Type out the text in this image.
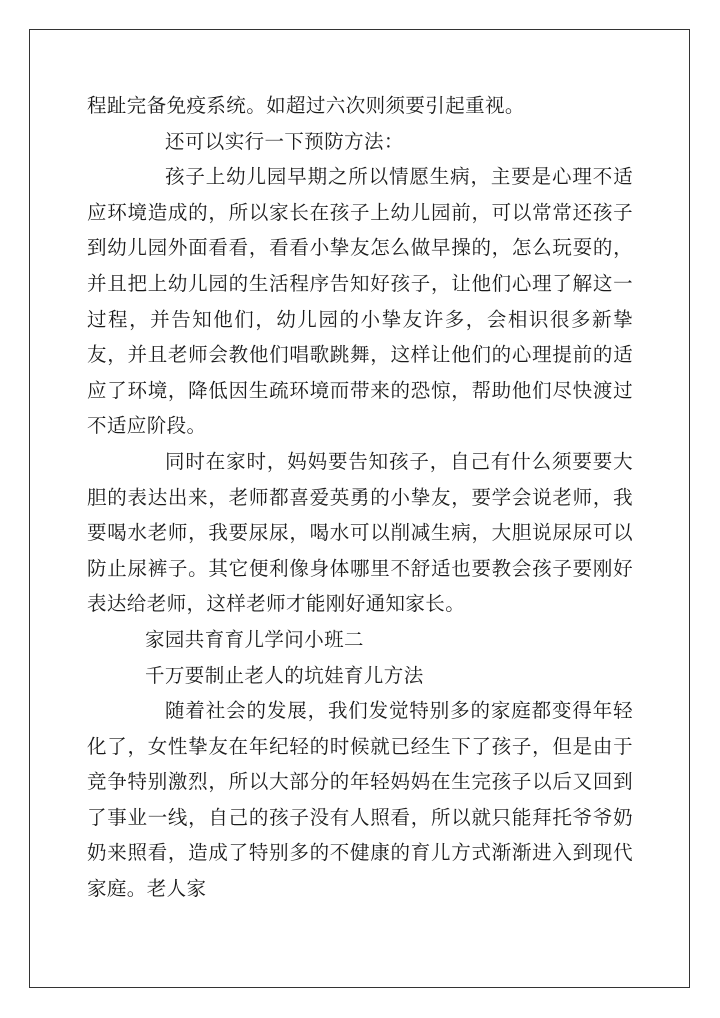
程趾完备免疫系统。如超过六次则须要引起重视。

还可以实行一下预防方法：

孩子上幼儿园早期之所以情愿生病，主要是心理不适应环境造成的，所以家长在孩子上幼儿园前，可以常常还孩子到幼儿园外面看看，看看小挚友怎么做早操的，怎么玩耍的，并且把上幼儿园的生活程序告知好孩子，让他们心理了解这一过程，并告知他们，幼儿园的小挚友许多，会相识很多新挚友，并且老师会教他们唱歌跳舞，这样让他们的心理提前的适应了环境，降低因生疏环境而带来的恐惊，帮助他们尽快渡过不适应阶段。

同时在家时，妈妈要告知孩子，自己有什么须要要大胆的表达出来，老师都喜爱英勇的小挚友，要学会说老师，我要喝水老师，我要尿尿，喝水可以削减生病，大胆说尿尿可以防止尿裤子。其它便利像身体哪里不舒适也要教会孩子要刚好表达给老师，这样老师才能刚好通知家长。

家园共育育儿学问小班二

千万要制止老人的坑娃育儿方法

随着社会的发展，我们发觉特别多的家庭都变得年轻化了，女性挚友在年纪轻的时候就已经生下了孩子，但是由于竞争特别激烈，所以大部分的年轻妈妈在生完孩子以后又回到了事业一线，自己的孩子没有人照看，所以就只能拜托爷爷奶奶来照看，造成了特别多的不健康的育儿方式渐渐进入到现代家庭。老人家
